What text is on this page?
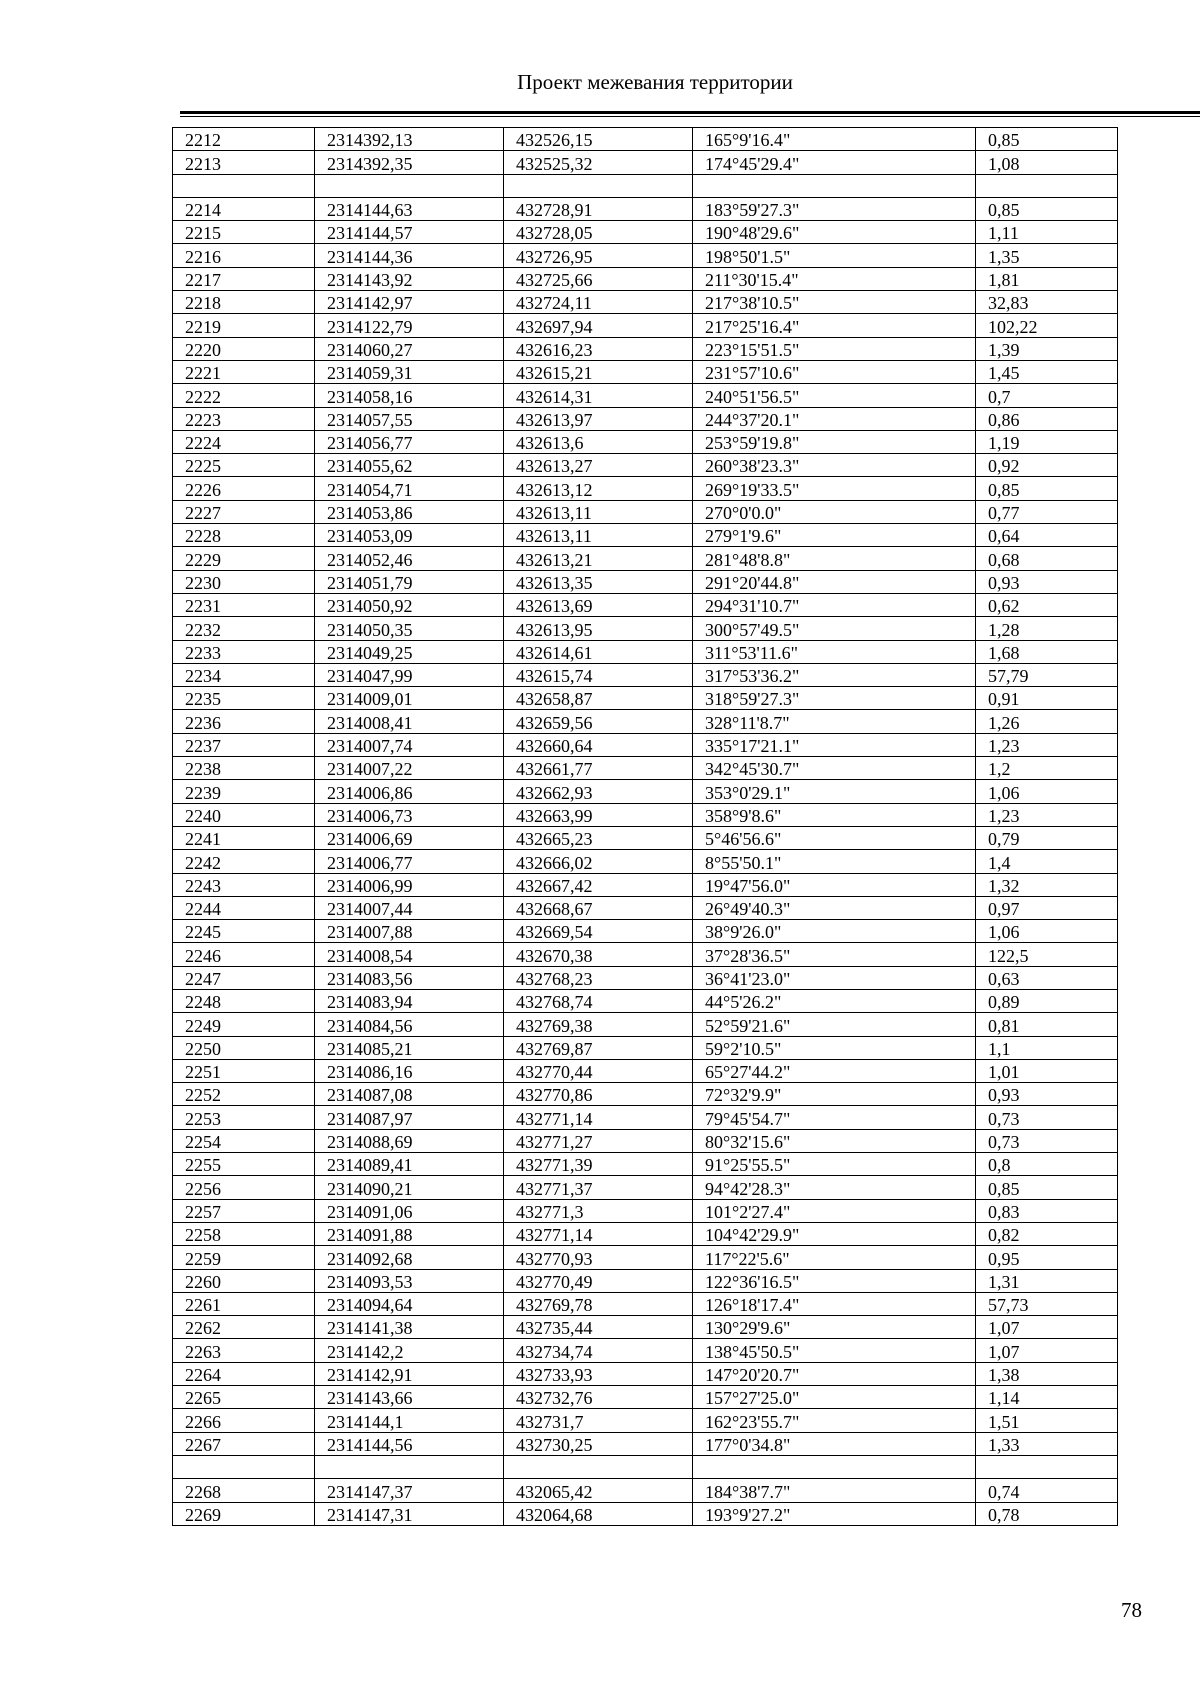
Проект межевания территории
2212	2314392,13	432526,15	165°9'16.4"	0,85
2213	2314392,35	432525,32	174°45'29.4"	1,08

2214	2314144,63	432728,91	183°59'27.3"	0,85
2215	2314144,57	432728,05	190°48'29.6"	1,11
2216	2314144,36	432726,95	198°50'1.5"	1,35
2217	2314143,92	432725,66	211°30'15.4"	1,81
2218	2314142,97	432724,11	217°38'10.5"	32,83
2219	2314122,79	432697,94	217°25'16.4"	102,22
2220	2314060,27	432616,23	223°15'51.5"	1,39
2221	2314059,31	432615,21	231°57'10.6"	1,45
2222	2314058,16	432614,31	240°51'56.5"	0,7
2223	2314057,55	432613,97	244°37'20.1"	0,86
2224	2314056,77	432613,6	253°59'19.8"	1,19
2225	2314055,62	432613,27	260°38'23.3"	0,92
2226	2314054,71	432613,12	269°19'33.5"	0,85
2227	2314053,86	432613,11	270°0'0.0"	0,77
2228	2314053,09	432613,11	279°1'9.6"	0,64
2229	2314052,46	432613,21	281°48'8.8"	0,68
2230	2314051,79	432613,35	291°20'44.8"	0,93
2231	2314050,92	432613,69	294°31'10.7"	0,62
2232	2314050,35	432613,95	300°57'49.5"	1,28
2233	2314049,25	432614,61	311°53'11.6"	1,68
2234	2314047,99	432615,74	317°53'36.2"	57,79
2235	2314009,01	432658,87	318°59'27.3"	0,91
2236	2314008,41	432659,56	328°11'8.7"	1,26
2237	2314007,74	432660,64	335°17'21.1"	1,23
2238	2314007,22	432661,77	342°45'30.7"	1,2
2239	2314006,86	432662,93	353°0'29.1"	1,06
2240	2314006,73	432663,99	358°9'8.6"	1,23
2241	2314006,69	432665,23	5°46'56.6"	0,79
2242	2314006,77	432666,02	8°55'50.1"	1,4
2243	2314006,99	432667,42	19°47'56.0"	1,32
2244	2314007,44	432668,67	26°49'40.3"	0,97
2245	2314007,88	432669,54	38°9'26.0"	1,06
2246	2314008,54	432670,38	37°28'36.5"	122,5
2247	2314083,56	432768,23	36°41'23.0"	0,63
2248	2314083,94	432768,74	44°5'26.2"	0,89
2249	2314084,56	432769,38	52°59'21.6"	0,81
2250	2314085,21	432769,87	59°2'10.5"	1,1
2251	2314086,16	432770,44	65°27'44.2"	1,01
2252	2314087,08	432770,86	72°32'9.9"	0,93
2253	2314087,97	432771,14	79°45'54.7"	0,73
2254	2314088,69	432771,27	80°32'15.6"	0,73
2255	2314089,41	432771,39	91°25'55.5"	0,8
2256	2314090,21	432771,37	94°42'28.3"	0,85
2257	2314091,06	432771,3	101°2'27.4"	0,83
2258	2314091,88	432771,14	104°42'29.9"	0,82
2259	2314092,68	432770,93	117°22'5.6"	0,95
2260	2314093,53	432770,49	122°36'16.5"	1,31
2261	2314094,64	432769,78	126°18'17.4"	57,73
2262	2314141,38	432735,44	130°29'9.6"	1,07
2263	2314142,2	432734,74	138°45'50.5"	1,07
2264	2314142,91	432733,93	147°20'20.7"	1,38
2265	2314143,66	432732,76	157°27'25.0"	1,14
2266	2314144,1	432731,7	162°23'55.7"	1,51
2267	2314144,56	432730,25	177°0'34.8"	1,33

2268	2314147,37	432065,42	184°38'7.7"	0,74
2269	2314147,31	432064,68	193°9'27.2"	0,78
78
